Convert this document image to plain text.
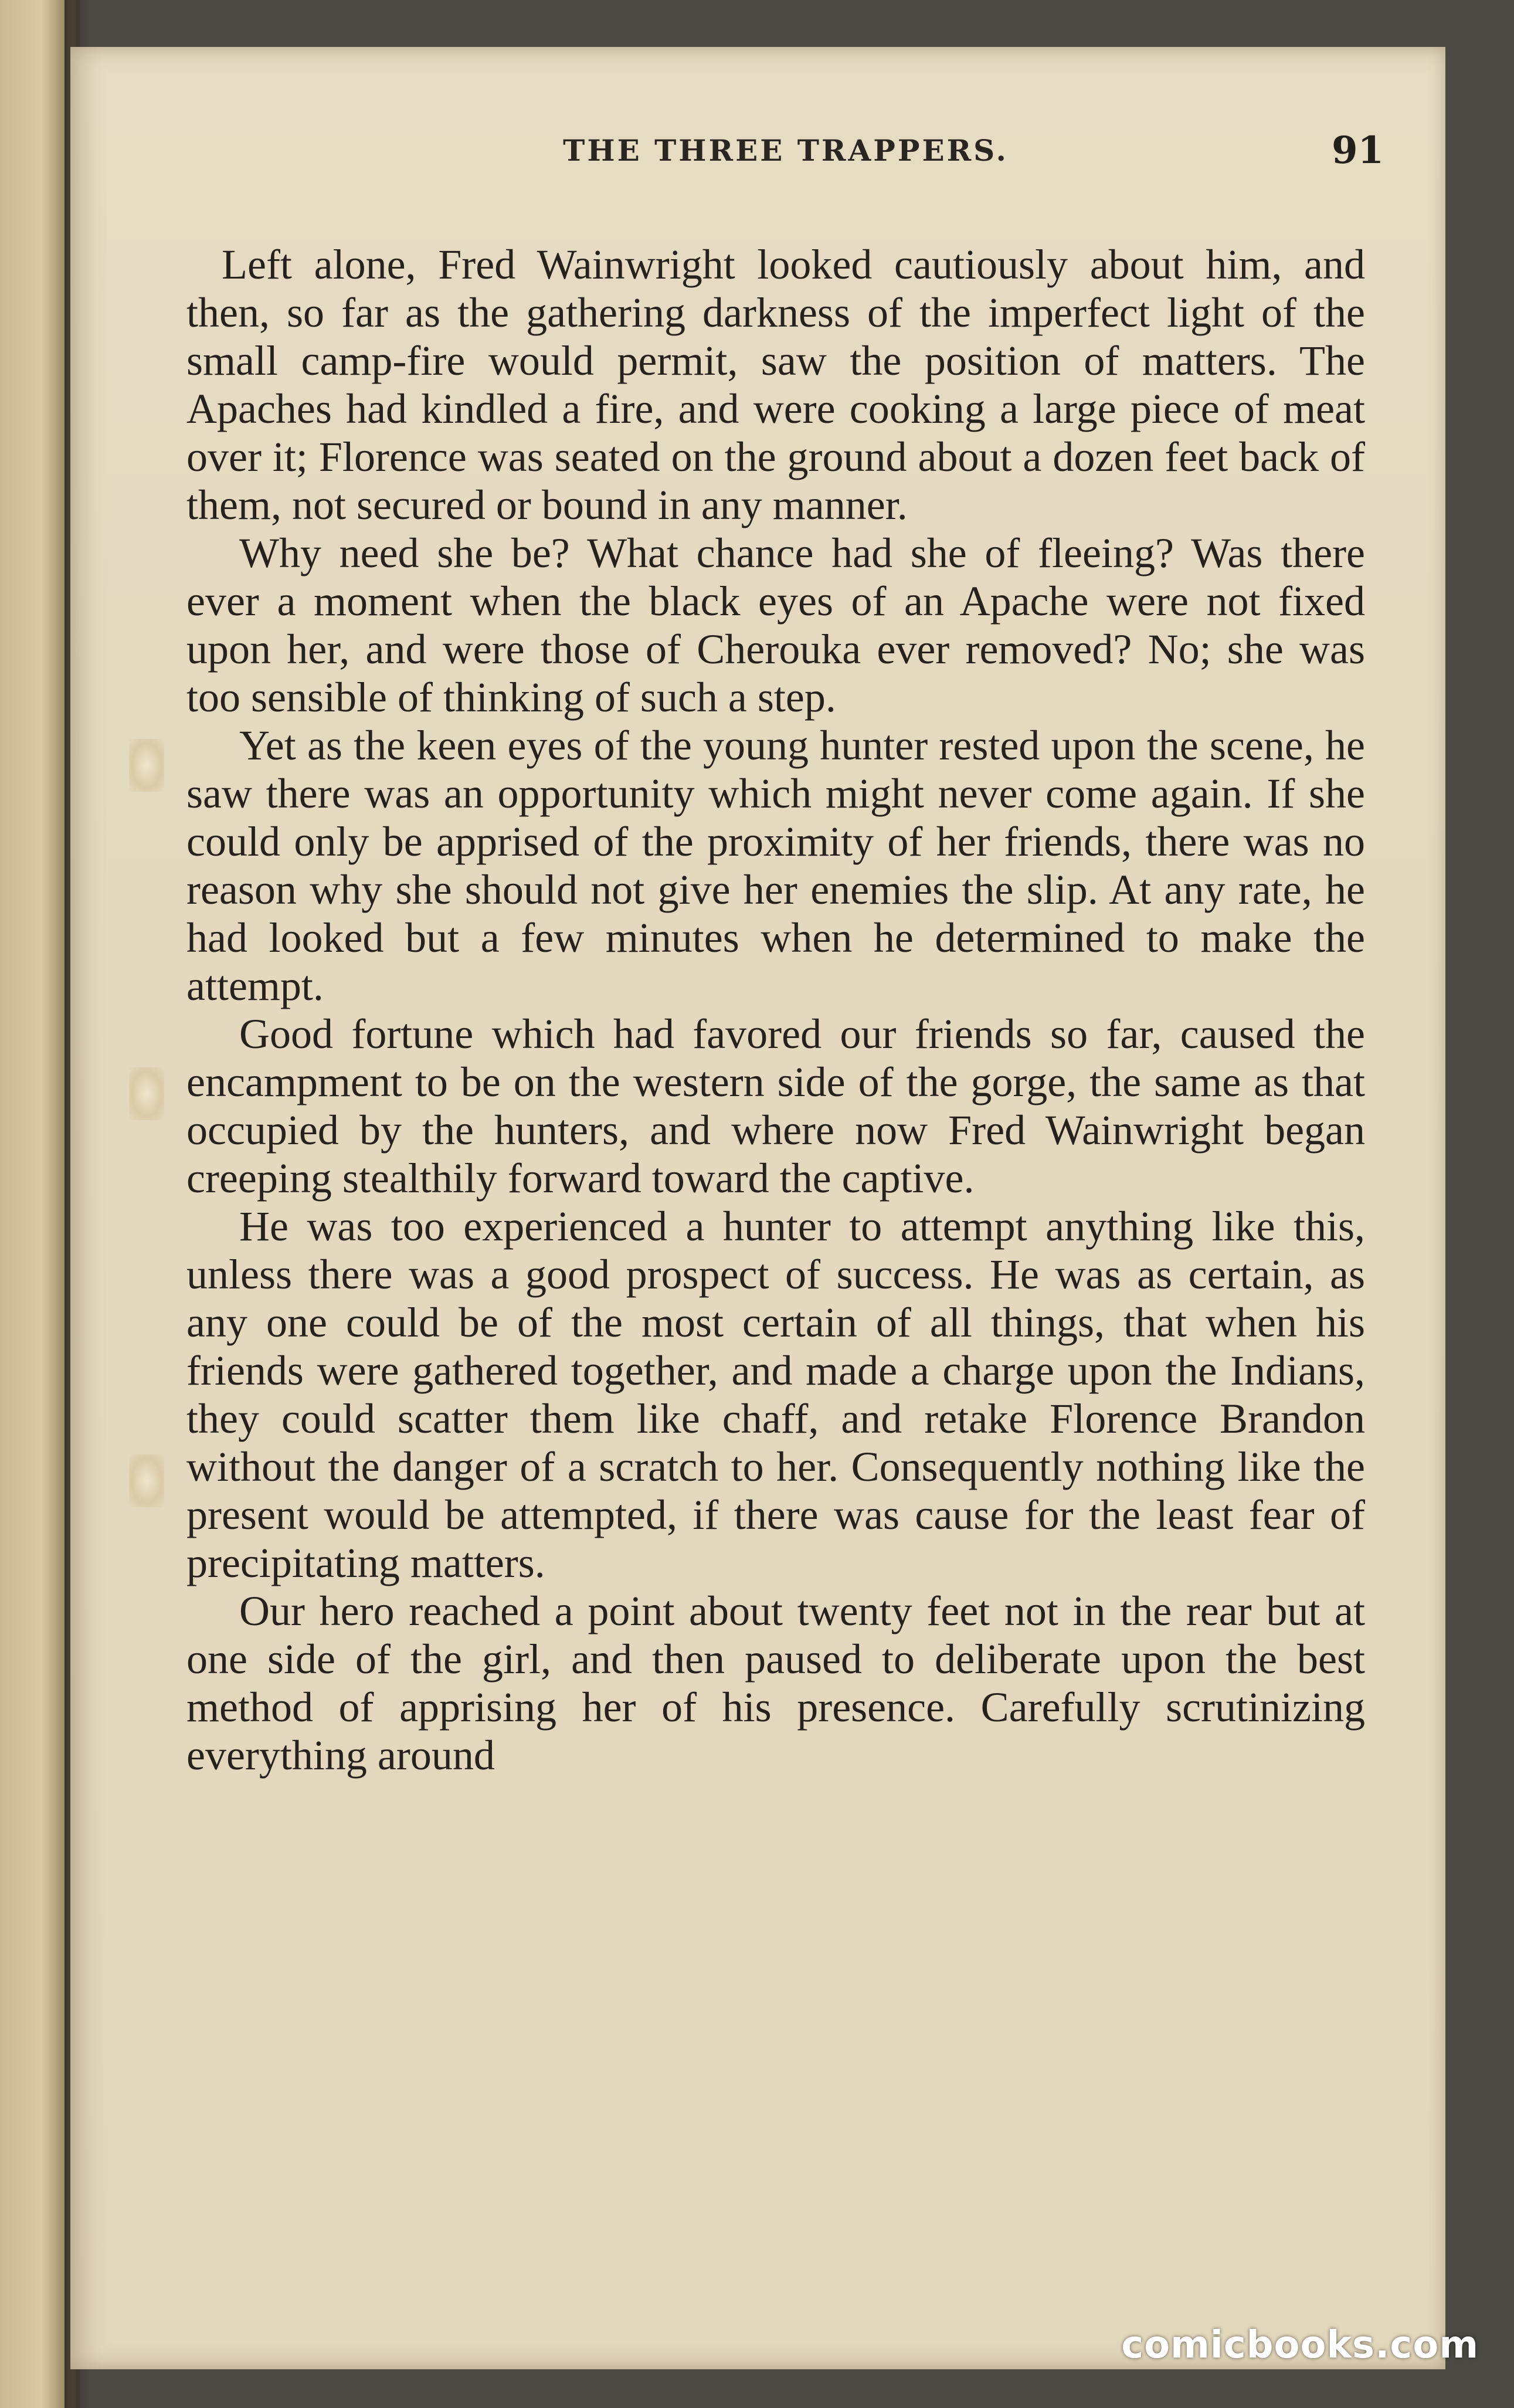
THE THREE TRAPPERS.	91

Left alone, Fred Wainwright looked cautiously about him, and then, so far as the gathering darkness of the imperfect light of the small camp-fire would permit, saw the position of matters. The Apaches had kindled a fire, and were cooking a large piece of meat over it; Florence was seated on the ground about a dozen feet back of them, not secured or bound in any manner.

Why need she be? What chance had she of fleeing? Was there ever a moment when the black eyes of an Apache were not fixed upon her, and were those of Cherouka ever removed? No; she was too sensible of thinking of such a step.

Yet as the keen eyes of the young hunter rested upon the scene, he saw there was an opportunity which might never come again. If she could only be apprised of the proximity of her friends, there was no reason why she should not give her enemies the slip. At any rate, he had looked but a few minutes when he determined to make the attempt.

Good fortune which had favored our friends so far, caused the encampment to be on the western side of the gorge, the same as that occupied by the hunters, and where now Fred Wainwright began creeping stealthily forward toward the captive.

He was too experienced a hunter to attempt anything like this, unless there was a good prospect of success. He was as certain, as any one could be of the most certain of all things, that when his friends were gathered together, and made a charge upon the Indians, they could scatter them like chaff, and retake Florence Brandon without the danger of a scratch to her. Consequently nothing like the present would be attempted, if there was cause for the least fear of precipitating matters.

Our hero reached a point about twenty feet not in the rear but at one side of the girl, and then paused to deliberate upon the best method of apprising her of his presence. Carefully scrutinizing everything around

comicbooks.com
